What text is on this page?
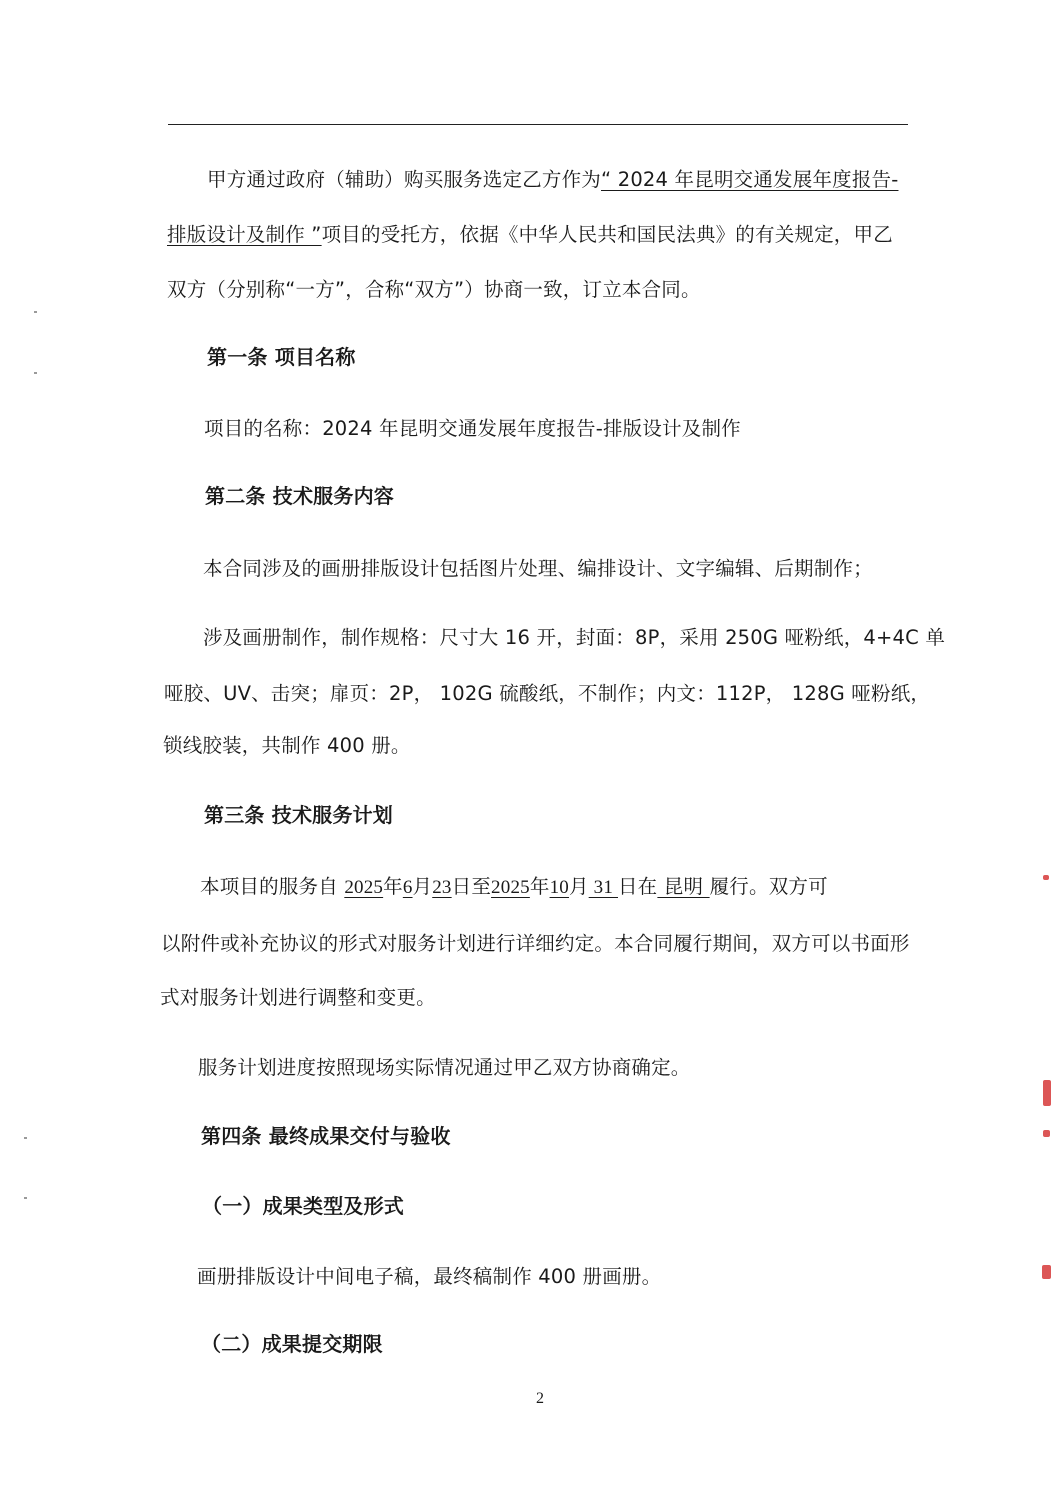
甲方通过政府（辅助）购买服务选定乙方作为“ 2024 年昆明交通发展年度报告-
排版设计及制作 ”项目的受托方，依据《中华人民共和国民法典》的有关规定，甲乙
双方（分别称“一方”，合称“双方”）协商一致，订立本合同。
第一条 项目名称
项目的名称：2024 年昆明交通发展年度报告-排版设计及制作
第二条 技术服务内容
本合同涉及的画册排版设计包括图片处理、编排设计、文字编辑、后期制作；
涉及画册制作，制作规格：尺寸大 16 开，封面：8P，采用 250G 哑粉纸，4+4C 单
哑胶、UV、击突；扉页：2P， 102G 硫酸纸，不制作；内文：112P， 128G 哑粉纸，
锁线胶装，共制作 400 册。
第三条 技术服务计划
本项目的服务自 2025年6月23日至2025年10月 31 日在 昆明 履行。双方可
以附件或补充协议的形式对服务计划进行详细约定。本合同履行期间，双方可以书面形
式对服务计划进行调整和变更。
服务计划进度按照现场实际情况通过甲乙双方协商确定。
第四条 最终成果交付与验收
（一）成果类型及形式
画册排版设计中间电子稿，最终稿制作 400 册画册。
（二）成果提交期限
2
